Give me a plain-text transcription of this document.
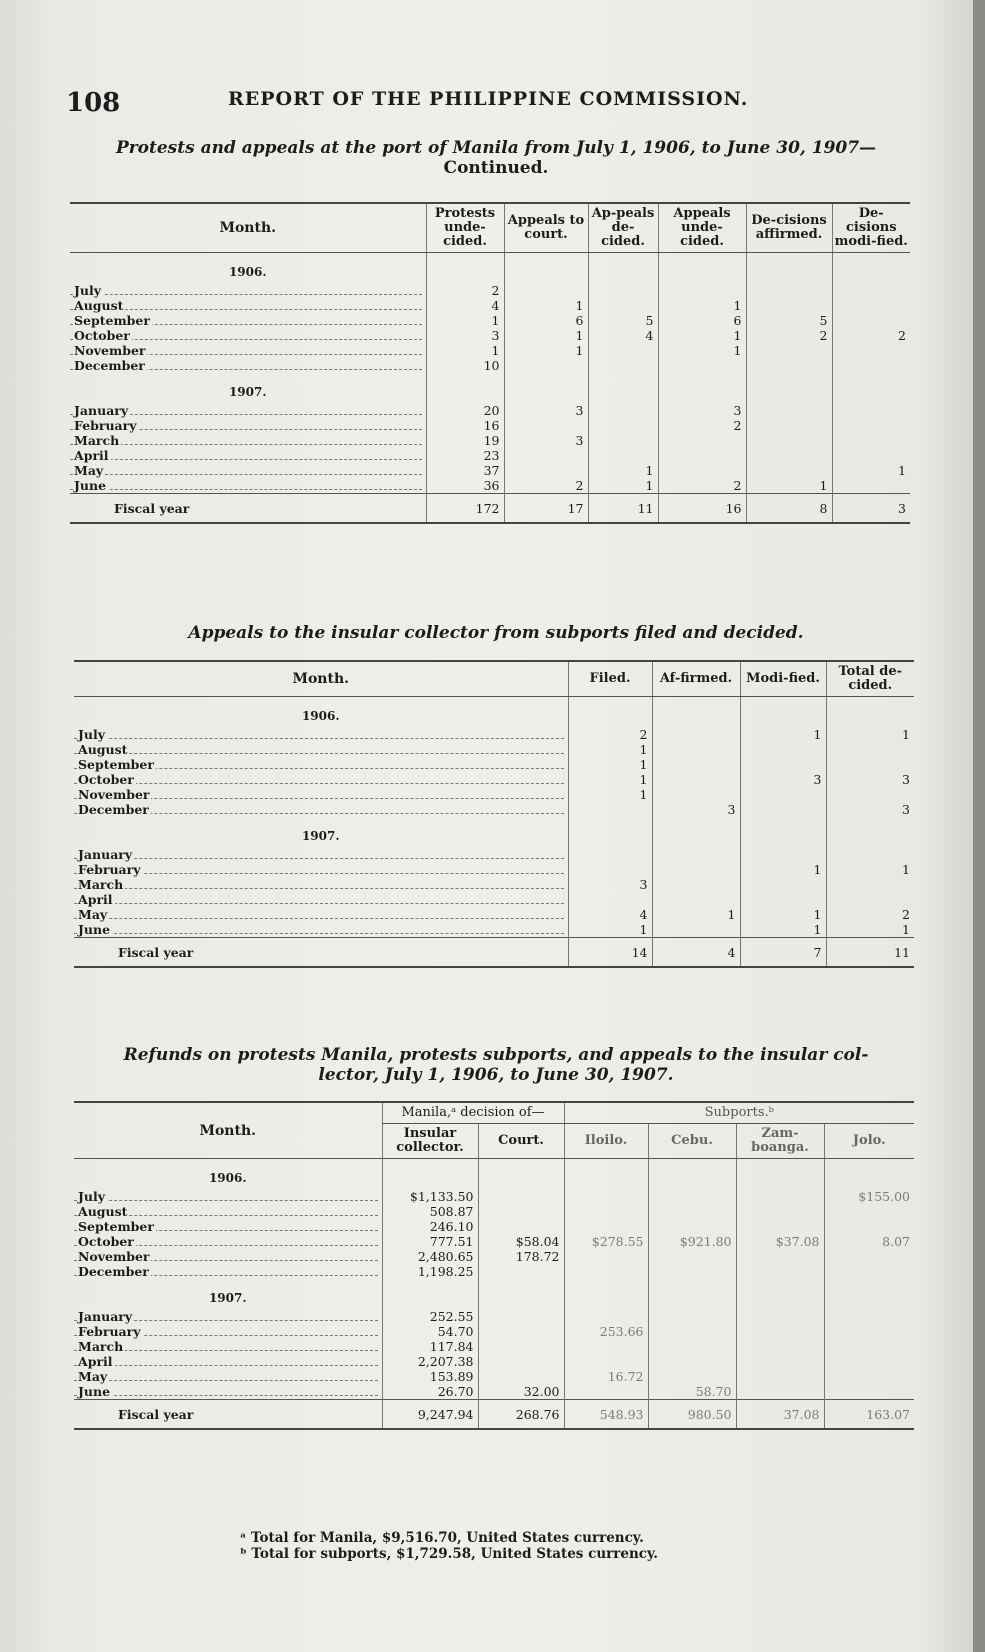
108	REPORT OF THE PHILIPPINE COMMISSION.
Protests and appeals at the port of Manila from July 1, 1906, to June 30, 1907—
Continued.
Month.	Protests unde-cided.	Appeals to court.	Ap-peals de-cided.	Appeals unde-cided.	De-cisions affirmed.	De-cisions modi-fied.
1906.						

July	2					

August	4	1		1		

September	1	6	5	6	5	

October	3	1	4	1	2	2

November	1	1		1		

December	10					
1907.						

January	20	3		3		

February	16			2		

March	19	3				

April	23					

May	37		1			1

June	36	2	1	2	1	
Fiscal year	172	17	11	16	8	3
Appeals to the insular collector from subports filed and decided.
Month.	Filed.	Af-firmed.	Modi-fied.	Total de-cided.
1906.				

July	2		1	1

August	1			

September	1			

October	1		3	3

November	1			

December		3		3
1907.				

January				

February			1	1

March	3			

April				

May	4	1	1	2

June	1		1	1
Fiscal year	14	4	7	11
Refunds on protests Manila, protests subports, and appeals to the insular col-
lector, July 1, 1906, to June 30, 1907.
Month.	Manila,ᵃ decision of—		Subports.ᵇ			
	Insular collector.	Court.	Iloilo.	Cebu.	Zam-boanga.	Jolo.
1906.						

July	$1,133.50					$155.00

August	508.87					

September	246.10					

October	777.51	$58.04	$278.55	$921.80	$37.08	8.07

November	2,480.65	178.72				

December	1,198.25					
1907.						

January	252.55					

February	54.70		253.66			

March	117.84					

April	2,207.38					

May	153.89		16.72			

June	26.70	32.00		58.70		
Fiscal year	9,247.94	268.76	548.93	980.50	37.08	163.07
ᵃ Total for Manila, $9,516.70, United States currency.
ᵇ Total for subports, $1,729.58, United States currency.
